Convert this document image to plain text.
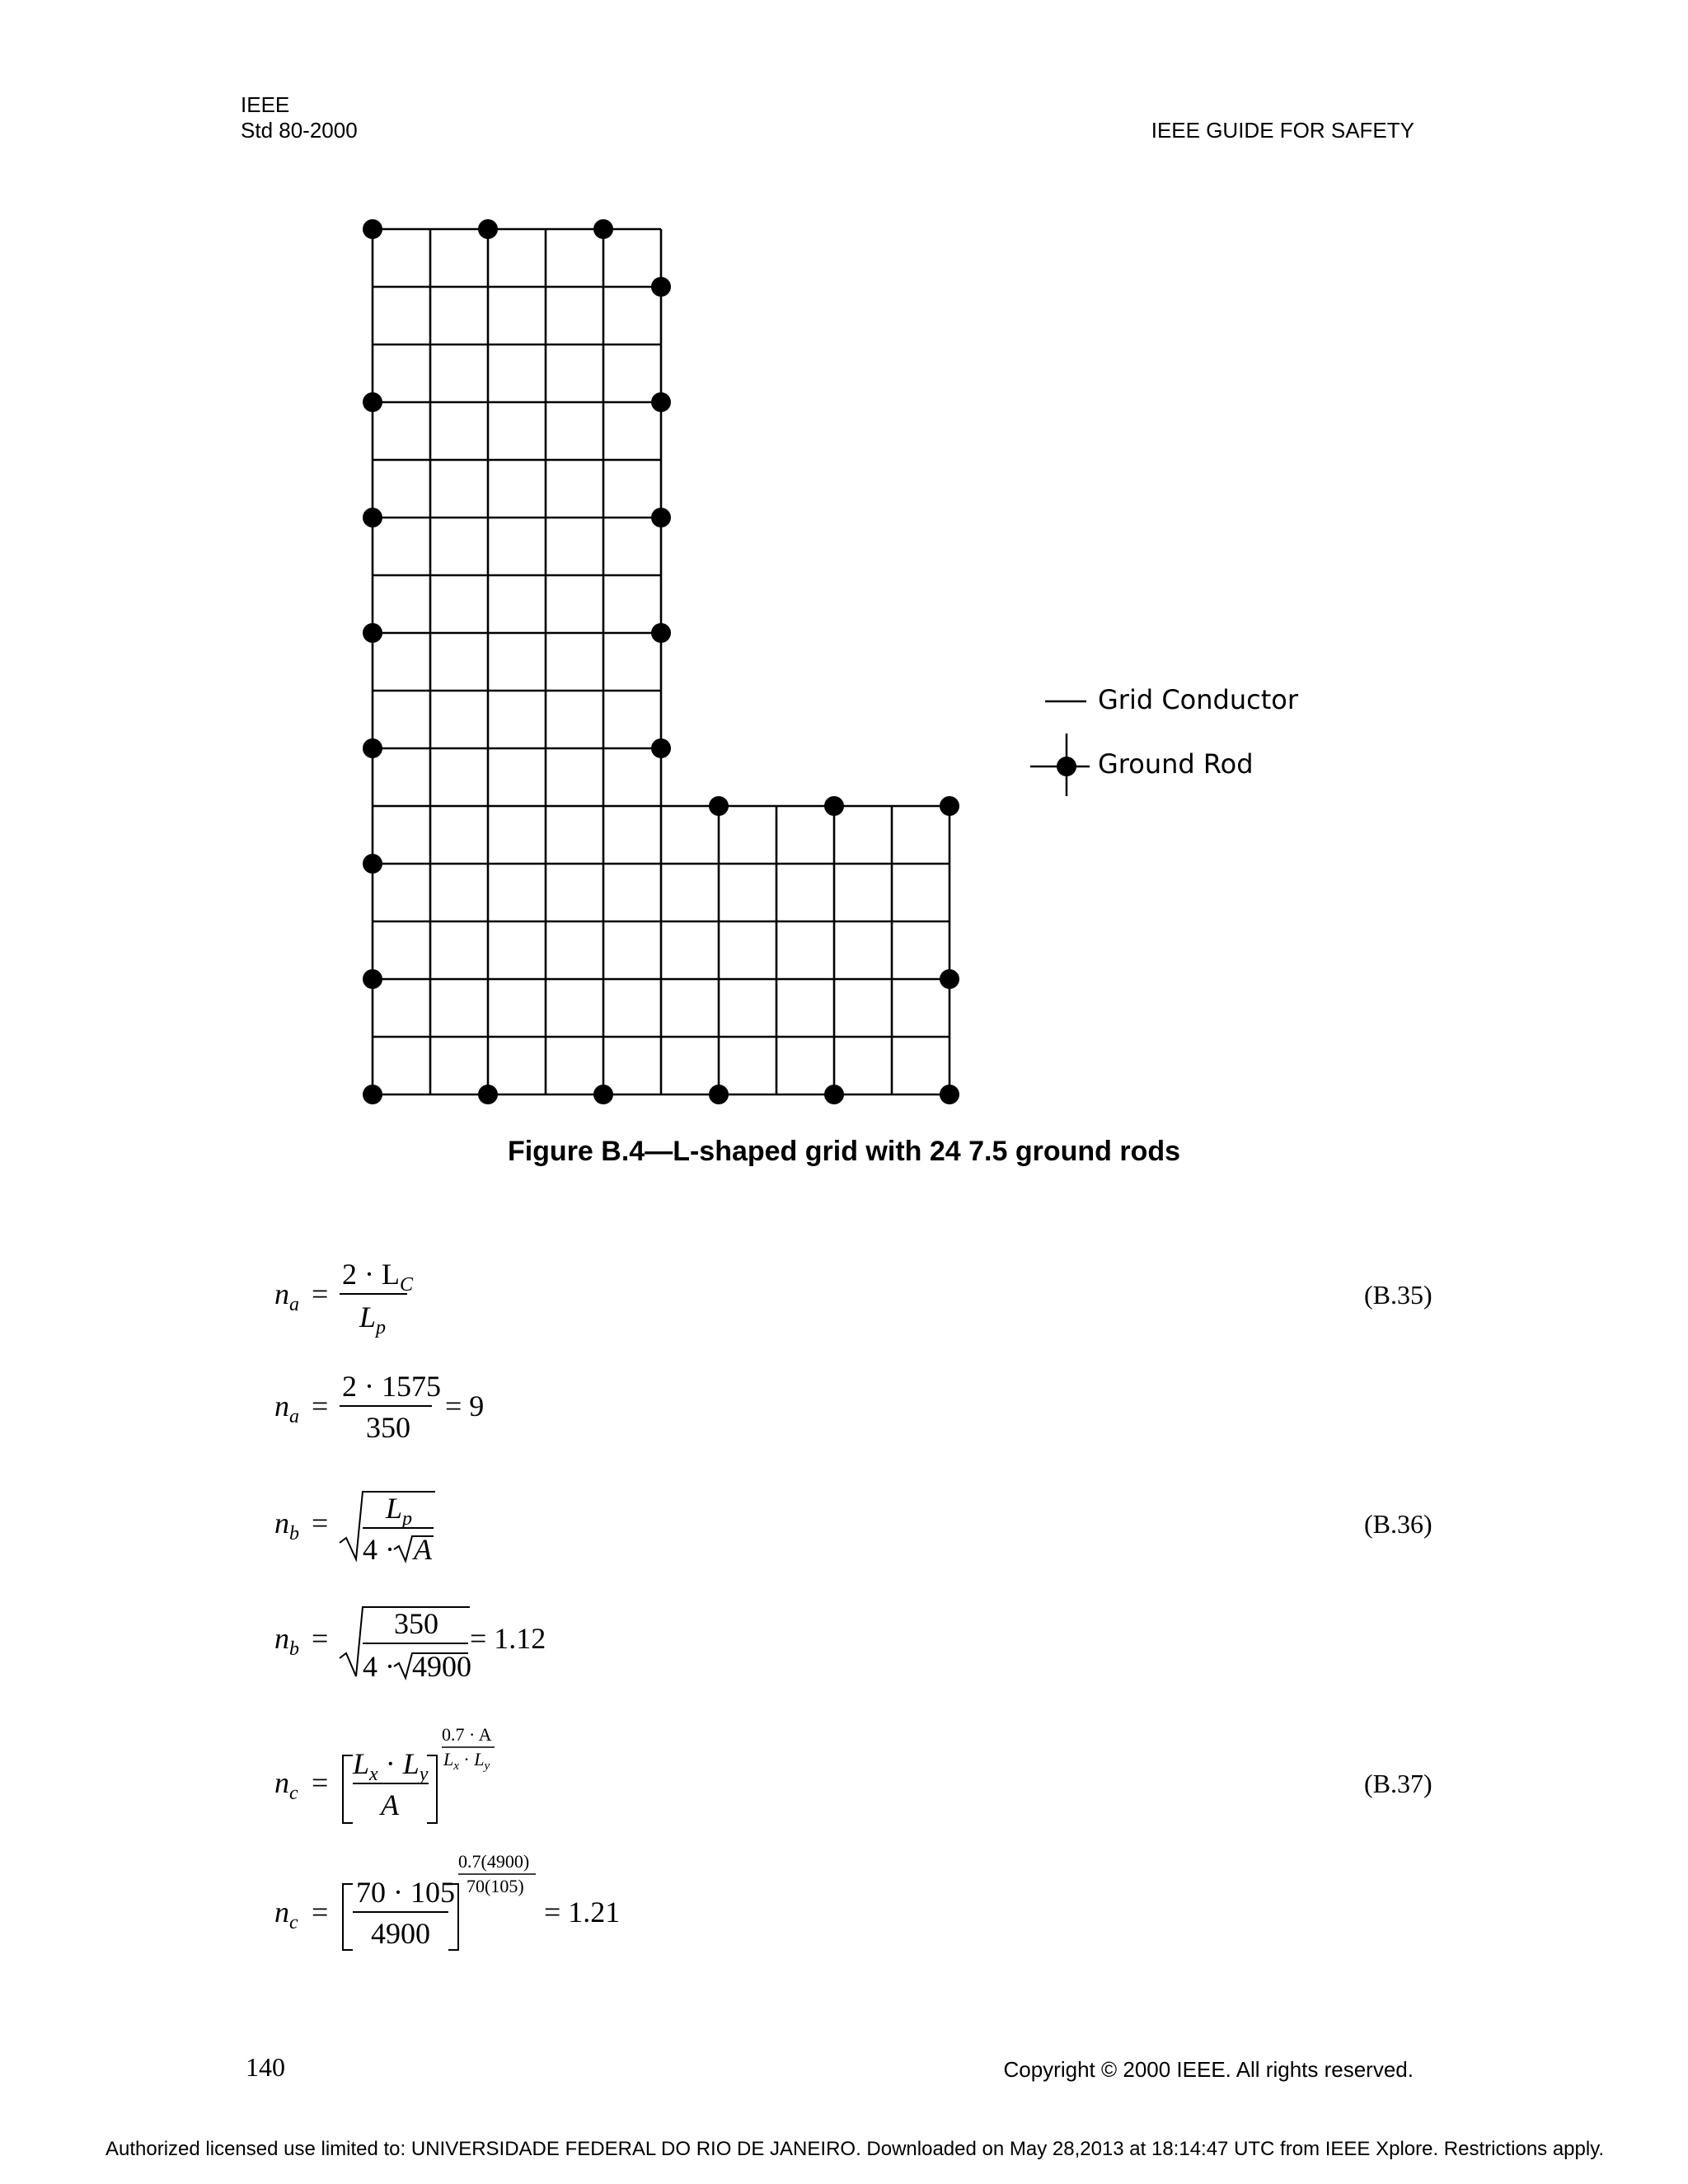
IEEE
Std 80-2000	IEEE GUIDE FOR SAFETY
Grid Conductor
Ground Rod
Figure B.4—L-shaped grid with 24 7.5 ground rods
$n_a$ =
$2 \cdot L_C$
$L_p$
(B.35)
$n_a$ =
2 · 1575
350
= 9
$n_b = L_p$
4 · A
(B.36)
$n_b = 350$
4 · 4900
= 1.12
$n_c$ =
$L_x \cdot L_y$
A
0.7 · A
$L_x \cdot L_y$
(B.37)
$n_c$ =
70 · 105
4900
0.7(4900)
70(105)
= 1.21
140	Copyright © 2000 IEEE. All rights reserved.
Authorized licensed use limited to: UNIVERSIDADE FEDERAL DO RIO DE JANEIRO. Downloaded on May 28,2013 at 18:14:47 UTC from IEEE Xplore. Restrictions apply.
